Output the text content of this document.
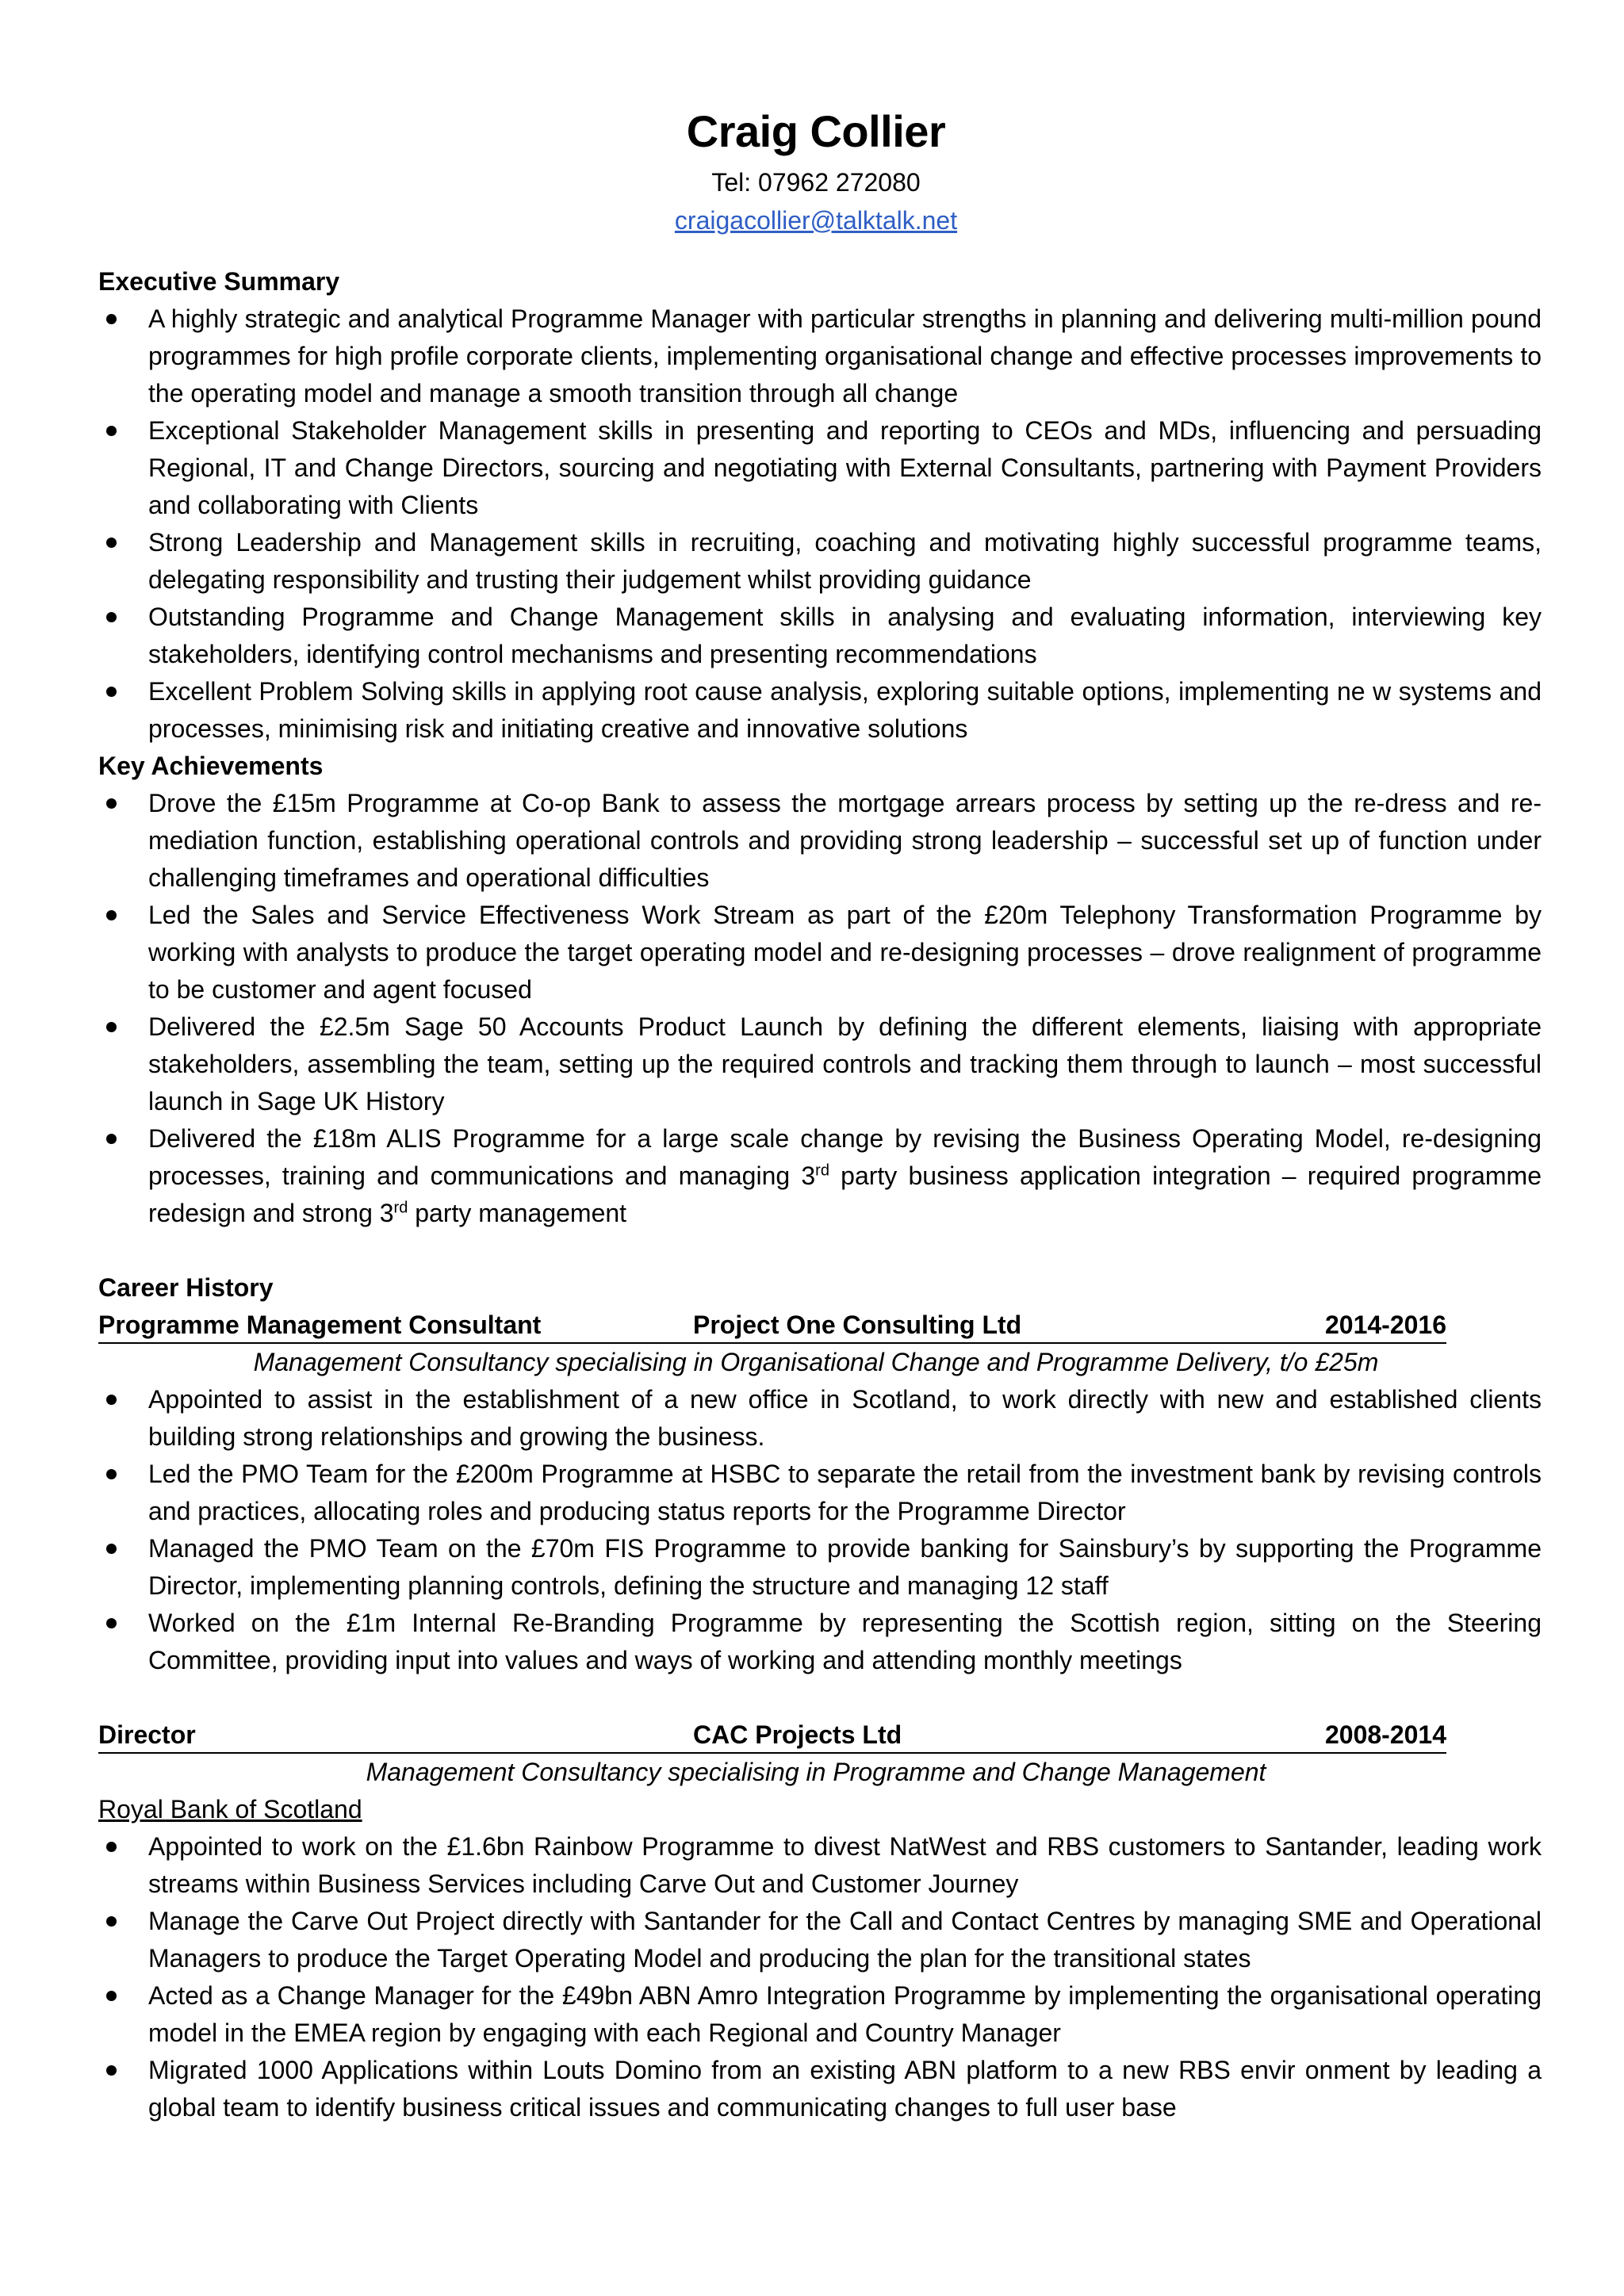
Craig Collier
Tel: 07962 272080
craigacollier@talktalk.net
Executive Summary
A highly strategic and analytical Programme Manager with particular strengths in planning and delivering multi-million pound programmes for high profile corporate clients, implementing organisational change and effective processes improvements to the operating model and manage a smooth transition through all change
Exceptional Stakeholder Management skills in presenting and reporting to CEOs and MDs, influencing and persuading Regional, IT and Change Directors, sourcing and negotiating with External Consultants, partnering with Payment Providers and collaborating with Clients
Strong Leadership and Management skills in recruiting, coaching and motivating highly successful programme teams, delegating responsibility and trusting their judgement whilst providing guidance
Outstanding Programme and Change Management skills in analysing and evaluating information, interviewing key stakeholders, identifying control mechanisms and presenting recommendations
Excellent Problem Solving skills in applying root cause analysis, exploring suitable options, implementing ne w systems and processes, minimising risk and initiating creative and innovative solutions
Key Achievements
Drove the £15m Programme at Co-op Bank to assess the mortgage arrears process by setting up the re-dress and re-mediation function, establishing operational controls and providing strong leadership – successful set up of function under challenging timeframes and operational difficulties
Led the Sales and Service Effectiveness Work Stream as part of the £20m Telephony Transformation Programme by working with analysts to produce the target operating model and re-designing processes – drove realignment of programme to be customer and agent focused
Delivered the £2.5m Sage 50 Accounts Product Launch by defining the different elements, liaising with appropriate stakeholders, assembling the team, setting up the required controls and tracking them through to launch – most successful launch in Sage UK History
Delivered the £18m ALIS Programme for a large scale change by revising the Business Operating Model, re-designing processes, training and communications and managing 3rd party business application integration – required programme redesign and strong 3rd party management
Career History
Programme Management Consultant	Project One Consulting Ltd	2014-2016
Management Consultancy specialising in Organisational Change and Programme Delivery, t/o £25m
Appointed to assist in the establishment of a new office in Scotland, to work directly with new and established clients building strong relationships and growing the business.
Led the PMO Team for the £200m Programme at HSBC to separate the retail from the investment bank by revising controls and practices, allocating roles and producing status reports for the Programme Director
Managed the PMO Team on the £70m FIS Programme to provide banking for Sainsbury’s by supporting the Programme Director, implementing planning controls, defining the structure and managing 12 staff
Worked on the £1m Internal Re-Branding Programme by representing the Scottish region, sitting on the Steering Committee, providing input into values and ways of working and attending monthly meetings
Director	CAC Projects Ltd	2008-2014
Management Consultancy specialising in Programme and Change Management
Royal Bank of Scotland
Appointed to work on the £1.6bn Rainbow Programme to divest NatWest and RBS customers to Santander, leading work streams within Business Services including Carve Out and Customer Journey
Manage the Carve Out Project directly with Santander for the Call and Contact Centres by managing SME and Operational Managers to produce the Target Operating Model and producing the plan for the transitional states
Acted as a Change Manager for the £49bn ABN Amro Integration Programme by implementing the organisational operating model in the EMEA region by engaging with each Regional and Country Manager
Migrated 1000 Applications within Louts Domino from an existing ABN platform to a new RBS envir onment by leading a global team to identify business critical issues and communicating changes to full user base
